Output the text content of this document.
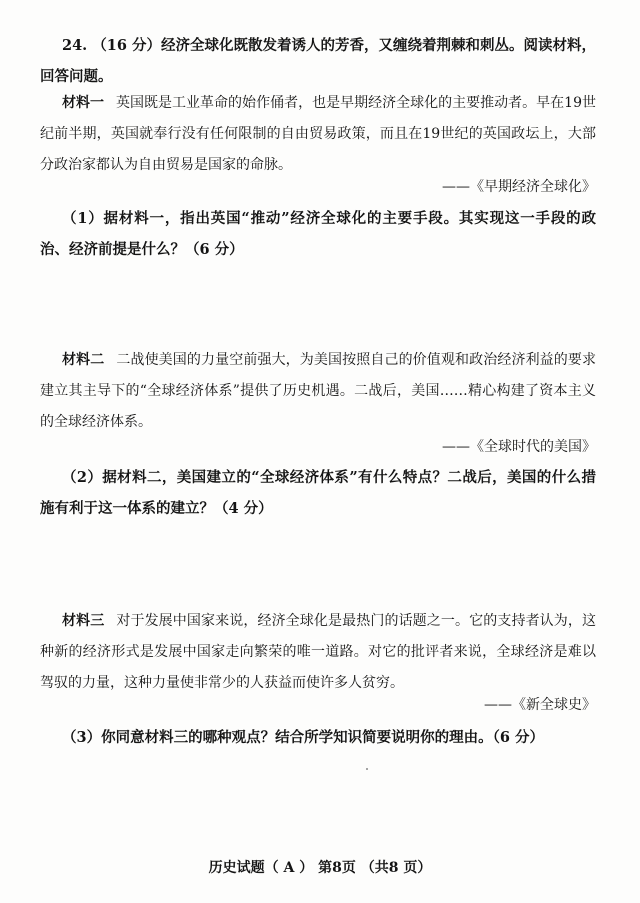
24. （16 分）经济全球化既散发着诱人的芳香，又缠绕着荆棘和刺丛。阅读材料，回答问题。

材料一 英国既是工业革命的始作俑者，也是早期经济全球化的主要推动者。早在19世纪前半期，英国就奉行没有任何限制的自由贸易政策，而且在19世纪的英国政坛上，大部分政治家都认为自由贸易是国家的命脉。

——《早期经济全球化》

（1）据材料一，指出英国“推动”经济全球化的主要手段。其实现这一手段的政治、经济前提是什么？（6 分）

材料二 二战使美国的力量空前强大，为美国按照自己的价值观和政治经济利益的要求建立其主导下的“全球经济体系”提供了历史机遇。二战后，美国……精心构建了资本主义的全球经济体系。

——《全球时代的美国》

（2）据材料二，美国建立的“全球经济体系”有什么特点？二战后，美国的什么措施有利于这一体系的建立？（4 分）

材料三 对于发展中国家来说，经济全球化是最热门的话题之一。它的支持者认为，这种新的经济形式是发展中国家走向繁荣的唯一道路。对它的批评者来说，全球经济是难以驾驭的力量，这种力量使非常少的人获益而使许多人贫穷。

——《新全球史》

（3）你同意材料三的哪种观点？结合所学知识简要说明你的理由。（6 分）

历史试题（ A ） 第8页 （共8 页）
